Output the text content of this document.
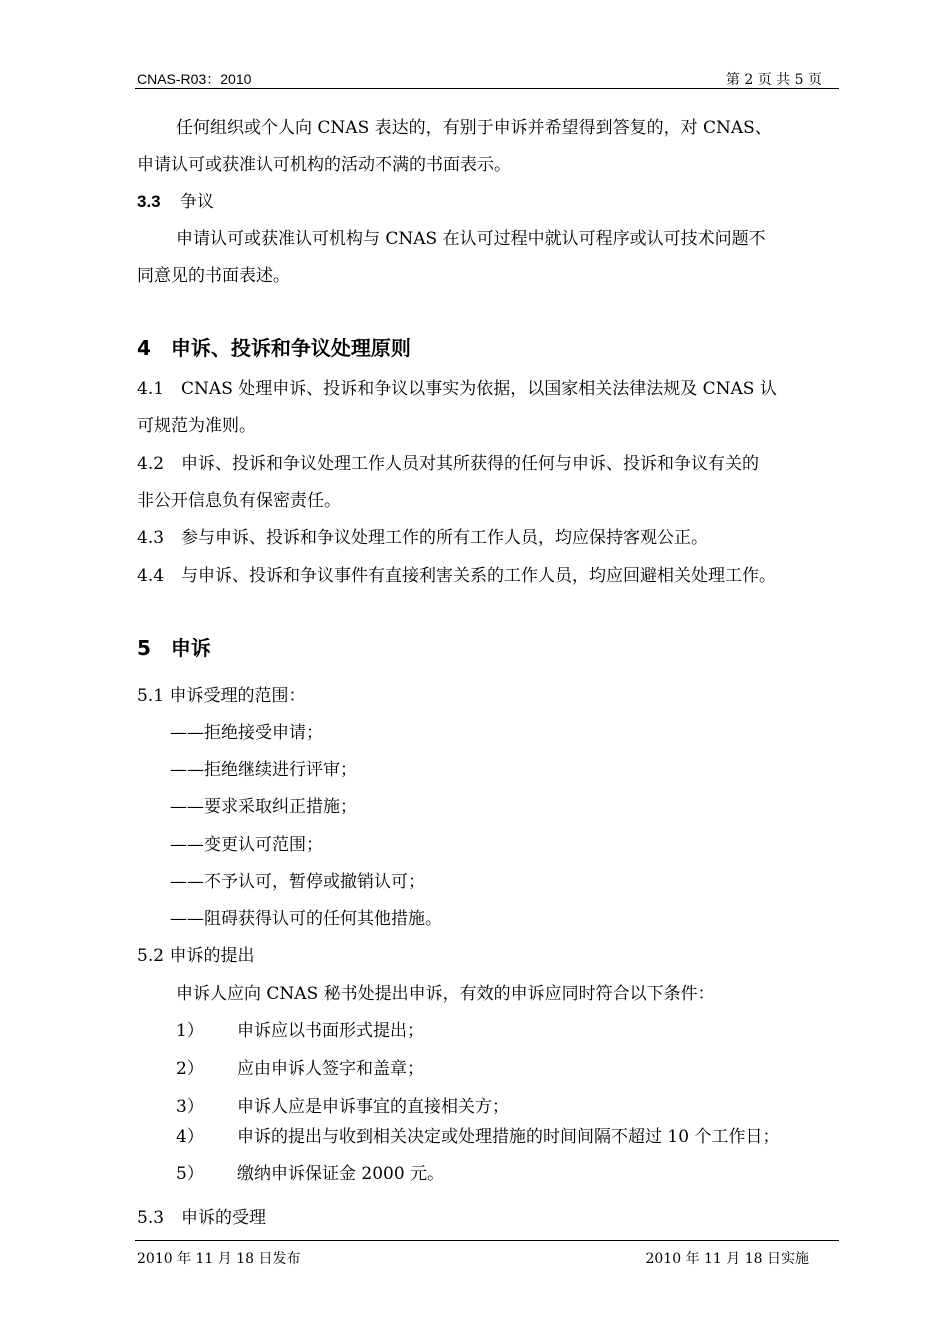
CNAS-R03：2010	第 2 页 共 5 页
任何组织或个人向 CNAS 表达的，有别于申诉并希望得到答复的，对 CNAS、
申请认可或获准认可机构的活动不满的书面表示。
3.3 争议
申请认可或获准认可机构与 CNAS 在认可过程中就认可程序或认可技术问题不
同意见的书面表述。
4　申诉、投诉和争议处理原则
4.1　CNAS 处理申诉、投诉和争议以事实为依据，以国家相关法律法规及 CNAS 认
可规范为准则。
4.2　申诉、投诉和争议处理工作人员对其所获得的任何与申诉、投诉和争议有关的
非公开信息负有保密责任。
4.3　参与申诉、投诉和争议处理工作的所有工作人员，均应保持客观公正。
4.4　与申诉、投诉和争议事件有直接利害关系的工作人员，均应回避相关处理工作。
5　申诉
5.1 申诉受理的范围：
——拒绝接受申请；
——拒绝继续进行评审；
——要求采取纠正措施；
——变更认可范围；
——不予认可，暂停或撤销认可；
——阻碍获得认可的任何其他措施。
5.2 申诉的提出
申诉人应向 CNAS 秘书处提出申诉，有效的申诉应同时符合以下条件：
1） 申诉应以书面形式提出；
2） 应由申诉人签字和盖章；
3） 申诉人应是申诉事宜的直接相关方；
4） 申诉的提出与收到相关决定或处理措施的时间间隔不超过 10 个工作日；
5） 缴纳申诉保证金 2000 元。
5.3　申诉的受理
2010 年 11 月 18 日发布	2010 年 11 月 18 日实施
